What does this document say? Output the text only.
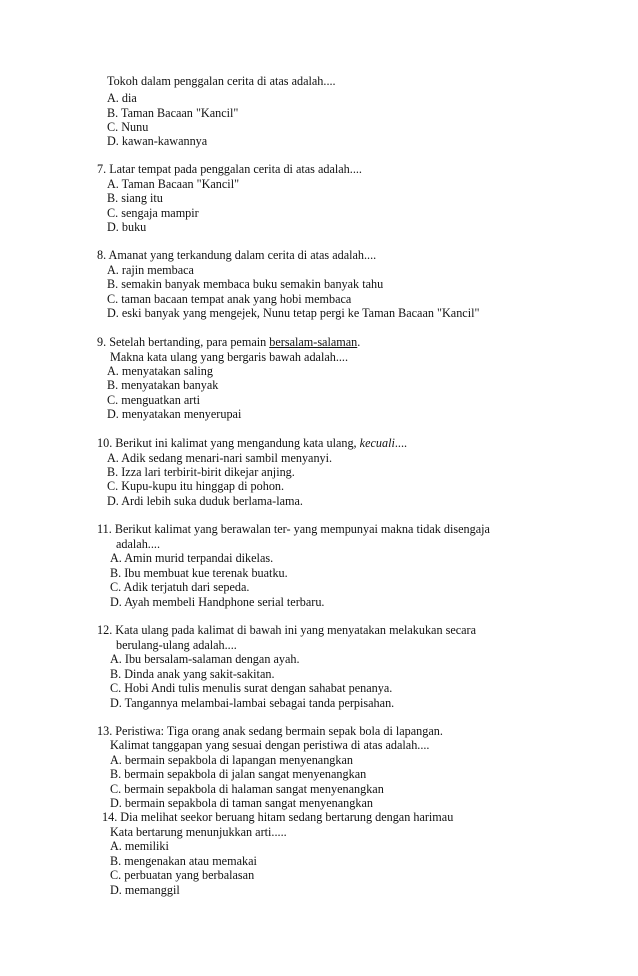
Tokoh dalam penggalan cerita di atas adalah....
A. dia
B. Taman Bacaan "Kancil"
C. Nunu
D. kawan-kawannya
7. Latar tempat pada penggalan cerita di atas adalah....
A. Taman Bacaan "Kancil"
B. siang itu
C. sengaja mampir
D. buku
8. Amanat yang terkandung dalam cerita di atas adalah....
A. rajin membaca
B. semakin banyak membaca buku semakin banyak tahu
C. taman bacaan tempat anak yang hobi membaca
D. eski banyak yang mengejek, Nunu tetap pergi ke Taman Bacaan "Kancil"
9. Setelah bertanding, para pemain bersalam-salaman.
Makna kata ulang yang bergaris bawah adalah....
A. menyatakan saling
B. menyatakan banyak
C. menguatkan arti
D. menyatakan menyerupai
10. Berikut ini kalimat yang mengandung kata ulang, kecuali....
A. Adik sedang menari-nari sambil menyanyi.
B. Izza lari terbirit-birit dikejar anjing.
C. Kupu-kupu itu hinggap di pohon.
D. Ardi lebih suka duduk berlama-lama.
11. Berikut kalimat yang berawalan ter- yang mempunyai makna tidak disengaja
adalah....
A. Amin murid terpandai dikelas.
B. Ibu membuat kue terenak buatku.
C. Adik terjatuh dari sepeda.
D. Ayah membeli Handphone serial terbaru.
12. Kata ulang pada kalimat di bawah ini yang menyatakan melakukan secara
berulang-ulang adalah....
A. Ibu bersalam-salaman dengan ayah.
B. Dinda anak yang sakit-sakitan.
C. Hobi Andi tulis menulis surat dengan sahabat penanya.
D. Tangannya melambai-lambai sebagai tanda perpisahan.
13. Peristiwa: Tiga orang anak sedang bermain sepak bola di lapangan.
Kalimat tanggapan yang sesuai dengan peristiwa di atas adalah....
A. bermain sepakbola di lapangan menyenangkan
B. bermain sepakbola di jalan sangat menyenangkan
C. bermain sepakbola di halaman sangat menyenangkan
D. bermain sepakbola di taman sangat menyenangkan
14. Dia melihat seekor beruang hitam sedang bertarung dengan harimau
Kata bertarung menunjukkan arti.....
A. memiliki
B. mengenakan atau memakai
C. perbuatan yang berbalasan
D. memanggil
